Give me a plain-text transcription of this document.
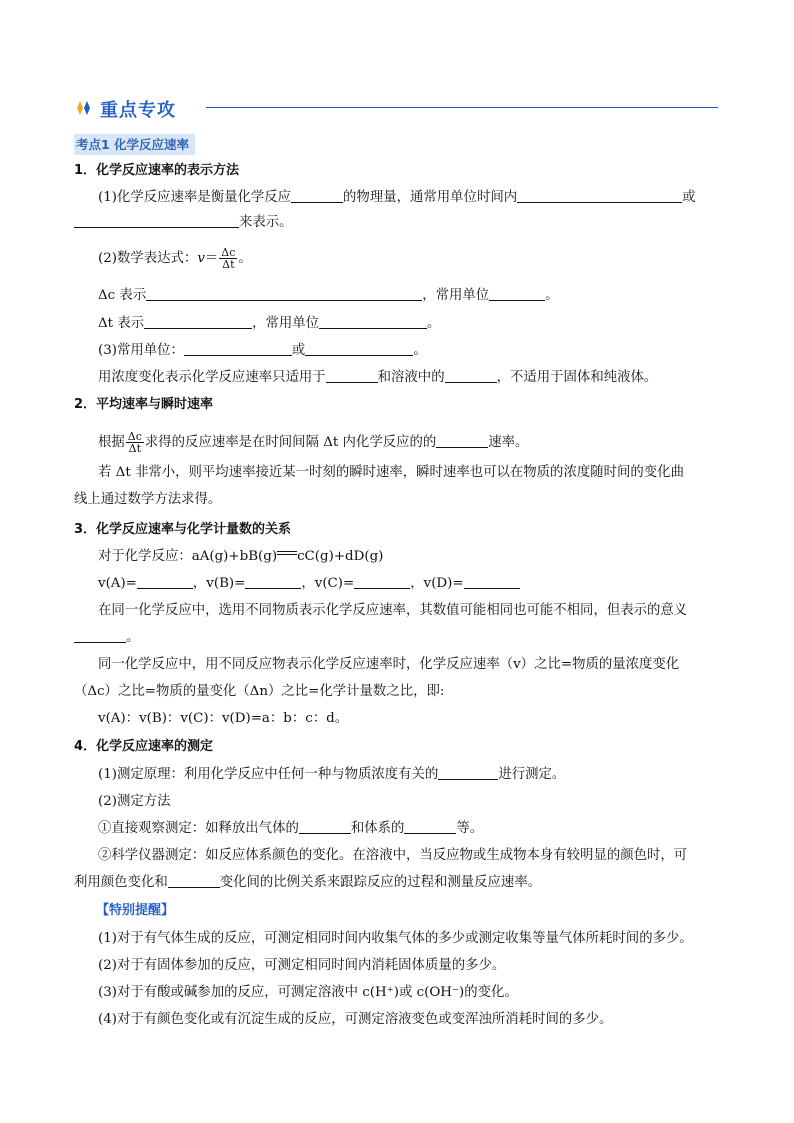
重点专攻
考点1 化学反应速率
1．化学反应速率的表示方法
(1)化学反应速率是衡量化学反应	的物理量，通常用单位时间内	或
来表示。
(2)数学表达式：$v= \frac{\Delta c}{\Delta t}$ 。
Δc 表示	，常用单位	。
Δt 表示	，常用单位	。
(3)常用单位：	或	。
用浓度变化表示化学反应速率只适用于	和溶液中的	，不适用于固体和纯液体。
2．平均速率与瞬时速率
根据 $\frac{\Delta c}{\Delta t}$ 求得的反应速率是在时间间隔 Δt 内化学反应的的	速率。
若 Δt 非常小，则平均速率接近某一时刻的瞬时速率，瞬时速率也可以在物质的浓度随时间的变化曲
线上通过数学方法求得。
3．化学反应速率与化学计量数的关系
对于化学反应：aA(g)+bB(g) cC(g)+dD(g)
v(A)=	，v(B)=	，v(C)=	，v(D)=
在同一化学反应中，选用不同物质表示化学反应速率，其数值可能相同也可能不相同，但表示的意义
。
同一化学反应中，用不同反应物表示化学反应速率时，化学反应速率（v）之比=物质的量浓度变化
（Δc）之比=物质的量变化（Δn）之比=化学计量数之比，即:
v(A)：v(B)：v(C)：v(D)=a：b：c：d。
4．化学反应速率的测定
(1)测定原理：利用化学反应中任何一种与物质浓度有关的	进行测定。
(2)测定方法
①直接观察测定：如释放出气体的	和体系的	等。
②科学仪器测定：如反应体系颜色的变化。在溶液中，当反应物或生成物本身有较明显的颜色时，可
利用颜色变化和	变化间的比例关系来跟踪反应的过程和测量反应速率。
【特别提醒】
(1)对于有气体生成的反应，可测定相同时间内收集气体的多少或测定收集等量气体所耗时间的多少。
(2)对于有固体参加的反应，可测定相同时间内消耗固体质量的多少。
(3)对于有酸或碱参加的反应，可测定溶液中 c(H⁺)或 c(OH⁻)的变化。
(4)对于有颜色变化或有沉淀生成的反应，可测定溶液变色或变浑浊所消耗时间的多少。
